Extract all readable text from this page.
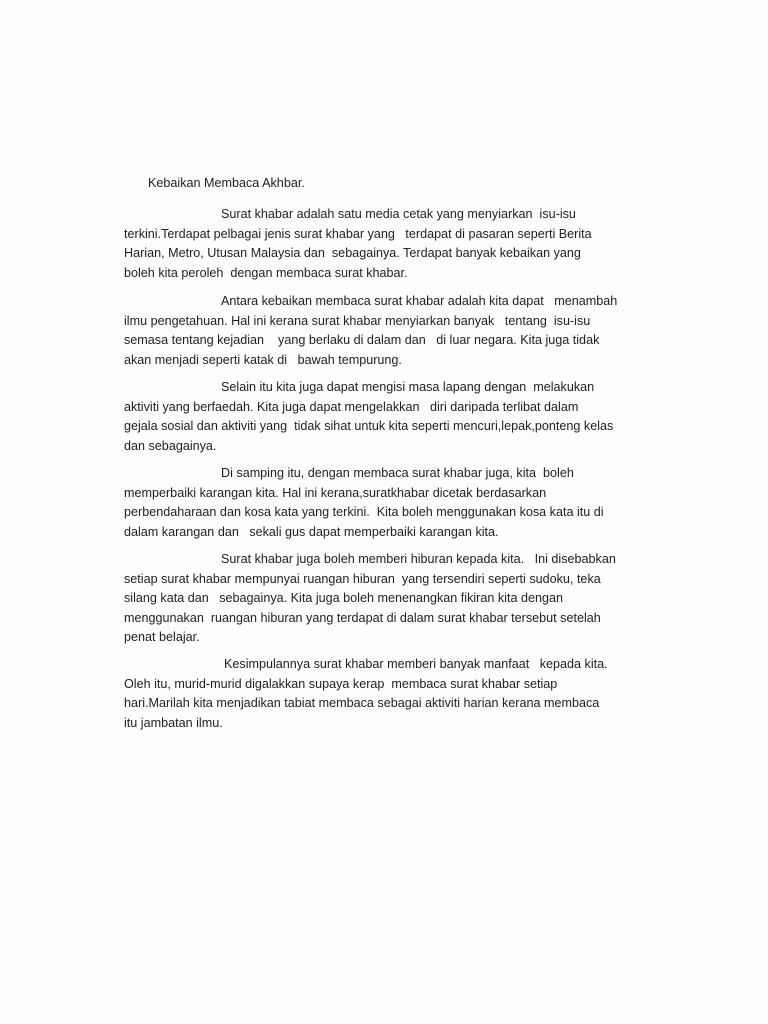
Kebaikan Membaca Akhbar.

Surat khabar adalah satu media cetak yang menyiarkan  isu-isu
terkini.Terdapat pelbagai jenis surat khabar yang   terdapat di pasaran seperti Berita
Harian, Metro, Utusan Malaysia dan  sebagainya. Terdapat banyak kebaikan yang
boleh kita peroleh  dengan membaca surat khabar.

Antara kebaikan membaca surat khabar adalah kita dapat   menambah
ilmu pengetahuan. Hal ini kerana surat khabar menyiarkan banyak   tentang  isu-isu
semasa tentang kejadian    yang berlaku di dalam dan   di luar negara. Kita juga tidak
akan menjadi seperti katak di   bawah tempurung.

Selain itu kita juga dapat mengisi masa lapang dengan  melakukan
aktiviti yang berfaedah. Kita juga dapat mengelakkan   diri daripada terlibat dalam
gejala sosial dan aktiviti yang  tidak sihat untuk kita seperti mencuri,lepak,ponteng kelas
dan sebagainya.

Di samping itu, dengan membaca surat khabar juga, kita  boleh
memperbaiki karangan kita. Hal ini kerana,suratkhabar dicetak berdasarkan
perbendaharaan dan kosa kata yang terkini.  Kita boleh menggunakan kosa kata itu di
dalam karangan dan   sekali gus dapat memperbaiki karangan kita.

Surat khabar juga boleh memberi hiburan kepada kita.   Ini disebabkan
setiap surat khabar mempunyai ruangan hiburan  yang tersendiri seperti sudoku, teka
silang kata dan   sebagainya. Kita juga boleh menenangkan fikiran kita dengan
menggunakan  ruangan hiburan yang terdapat di dalam surat khabar tersebut setelah
penat belajar.

Kesimpulannya surat khabar memberi banyak manfaat   kepada kita.
Oleh itu, murid-murid digalakkan supaya kerap  membaca surat khabar setiap
hari.Marilah kita menjadikan tabiat membaca sebagai aktiviti harian kerana membaca
itu jambatan ilmu.
